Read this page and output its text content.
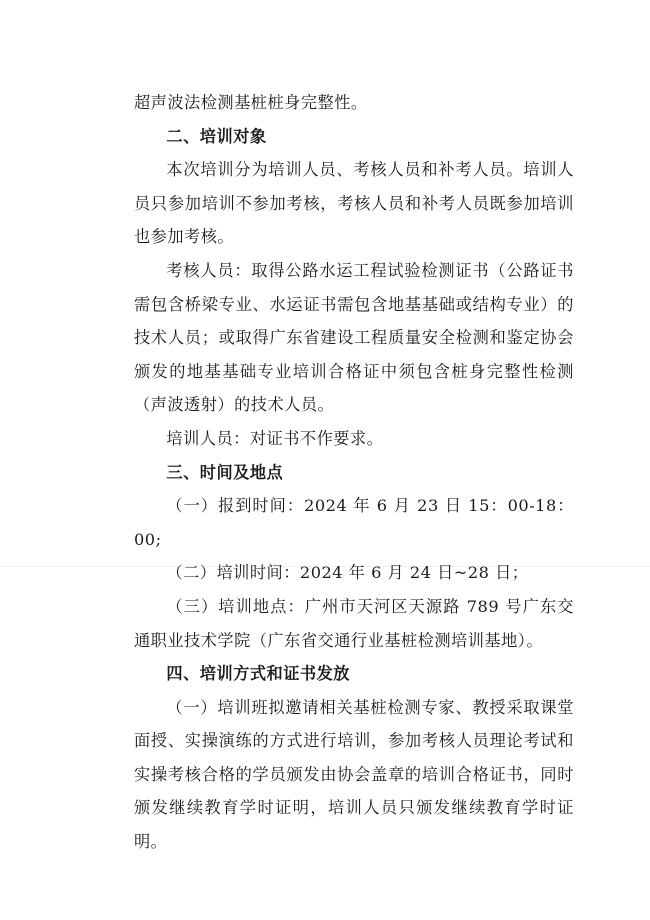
超声波法检测基桩桩身完整性。

二、培训对象

本次培训分为培训人员、考核人员和补考人员。培训人员只参加培训不参加考核，考核人员和补考人员既参加培训也参加考核。

考核人员：取得公路水运工程试验检测证书（公路证书需包含桥梁专业、水运证书需包含地基基础或结构专业）的技术人员；或取得广东省建设工程质量安全检测和鉴定协会颁发的地基基础专业培训合格证中须包含桩身完整性检测（声波透射）的技术人员。

培训人员：对证书不作要求。

三、时间及地点

（一）报到时间：2024 年 6 月 23 日 15：00-18：00;

（二）培训时间：2024 年 6 月 24 日~28 日；

（三）培训地点：广州市天河区天源路 789 号广东交通职业技术学院（广东省交通行业基桩检测培训基地）。

四、培训方式和证书发放

（一）培训班拟邀请相关基桩检测专家、教授采取课堂面授、实操演练的方式进行培训，参加考核人员理论考试和实操考核合格的学员颁发由协会盖章的培训合格证书，同时颁发继续教育学时证明，培训人员只颁发继续教育学时证明。
